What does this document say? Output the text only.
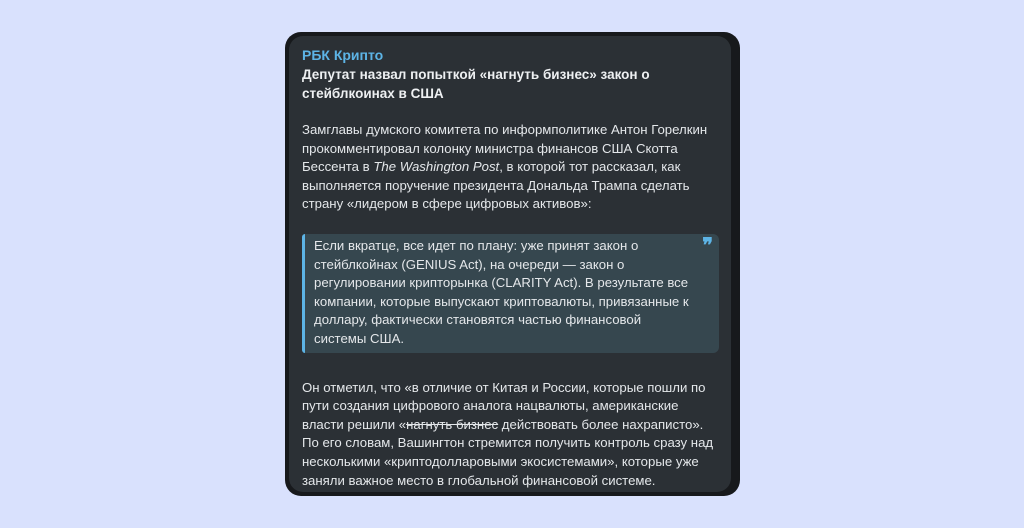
РБК Крипто
Депутат назвал попыткой «нагнуть бизнес» закон о стейблкоинах в США
Замглавы думского комитета по информполитике Антон Горелкин прокомментировал колонку министра финансов США Скотта Бессента в The Washington Post, в которой тот рассказал, как выполняется поручение президента Дональда Трампа сделать страну «лидером в сфере цифровых активов»:
Если вкратце, все идет по плану: уже принят закон о стейблкойнах (GENIUS Act), на очереди — закон о регулировании крипторынка (CLARITY Act). В результате все компании, которые выпускают криптовалюты, привязанные к доллару, фактически становятся частью финансовой системы США.
❞
Он отметил, что «в отличие от Китая и России, которые пошли по пути создания цифрового аналога нацвалюты, американские власти решили «нагнуть бизнес действовать более нахраписто». По его словам, Вашингтон стремится получить контроль сразу над несколькими «криптодолларовыми экосистемами», которые уже заняли важное место в глобальной финансовой системе.
